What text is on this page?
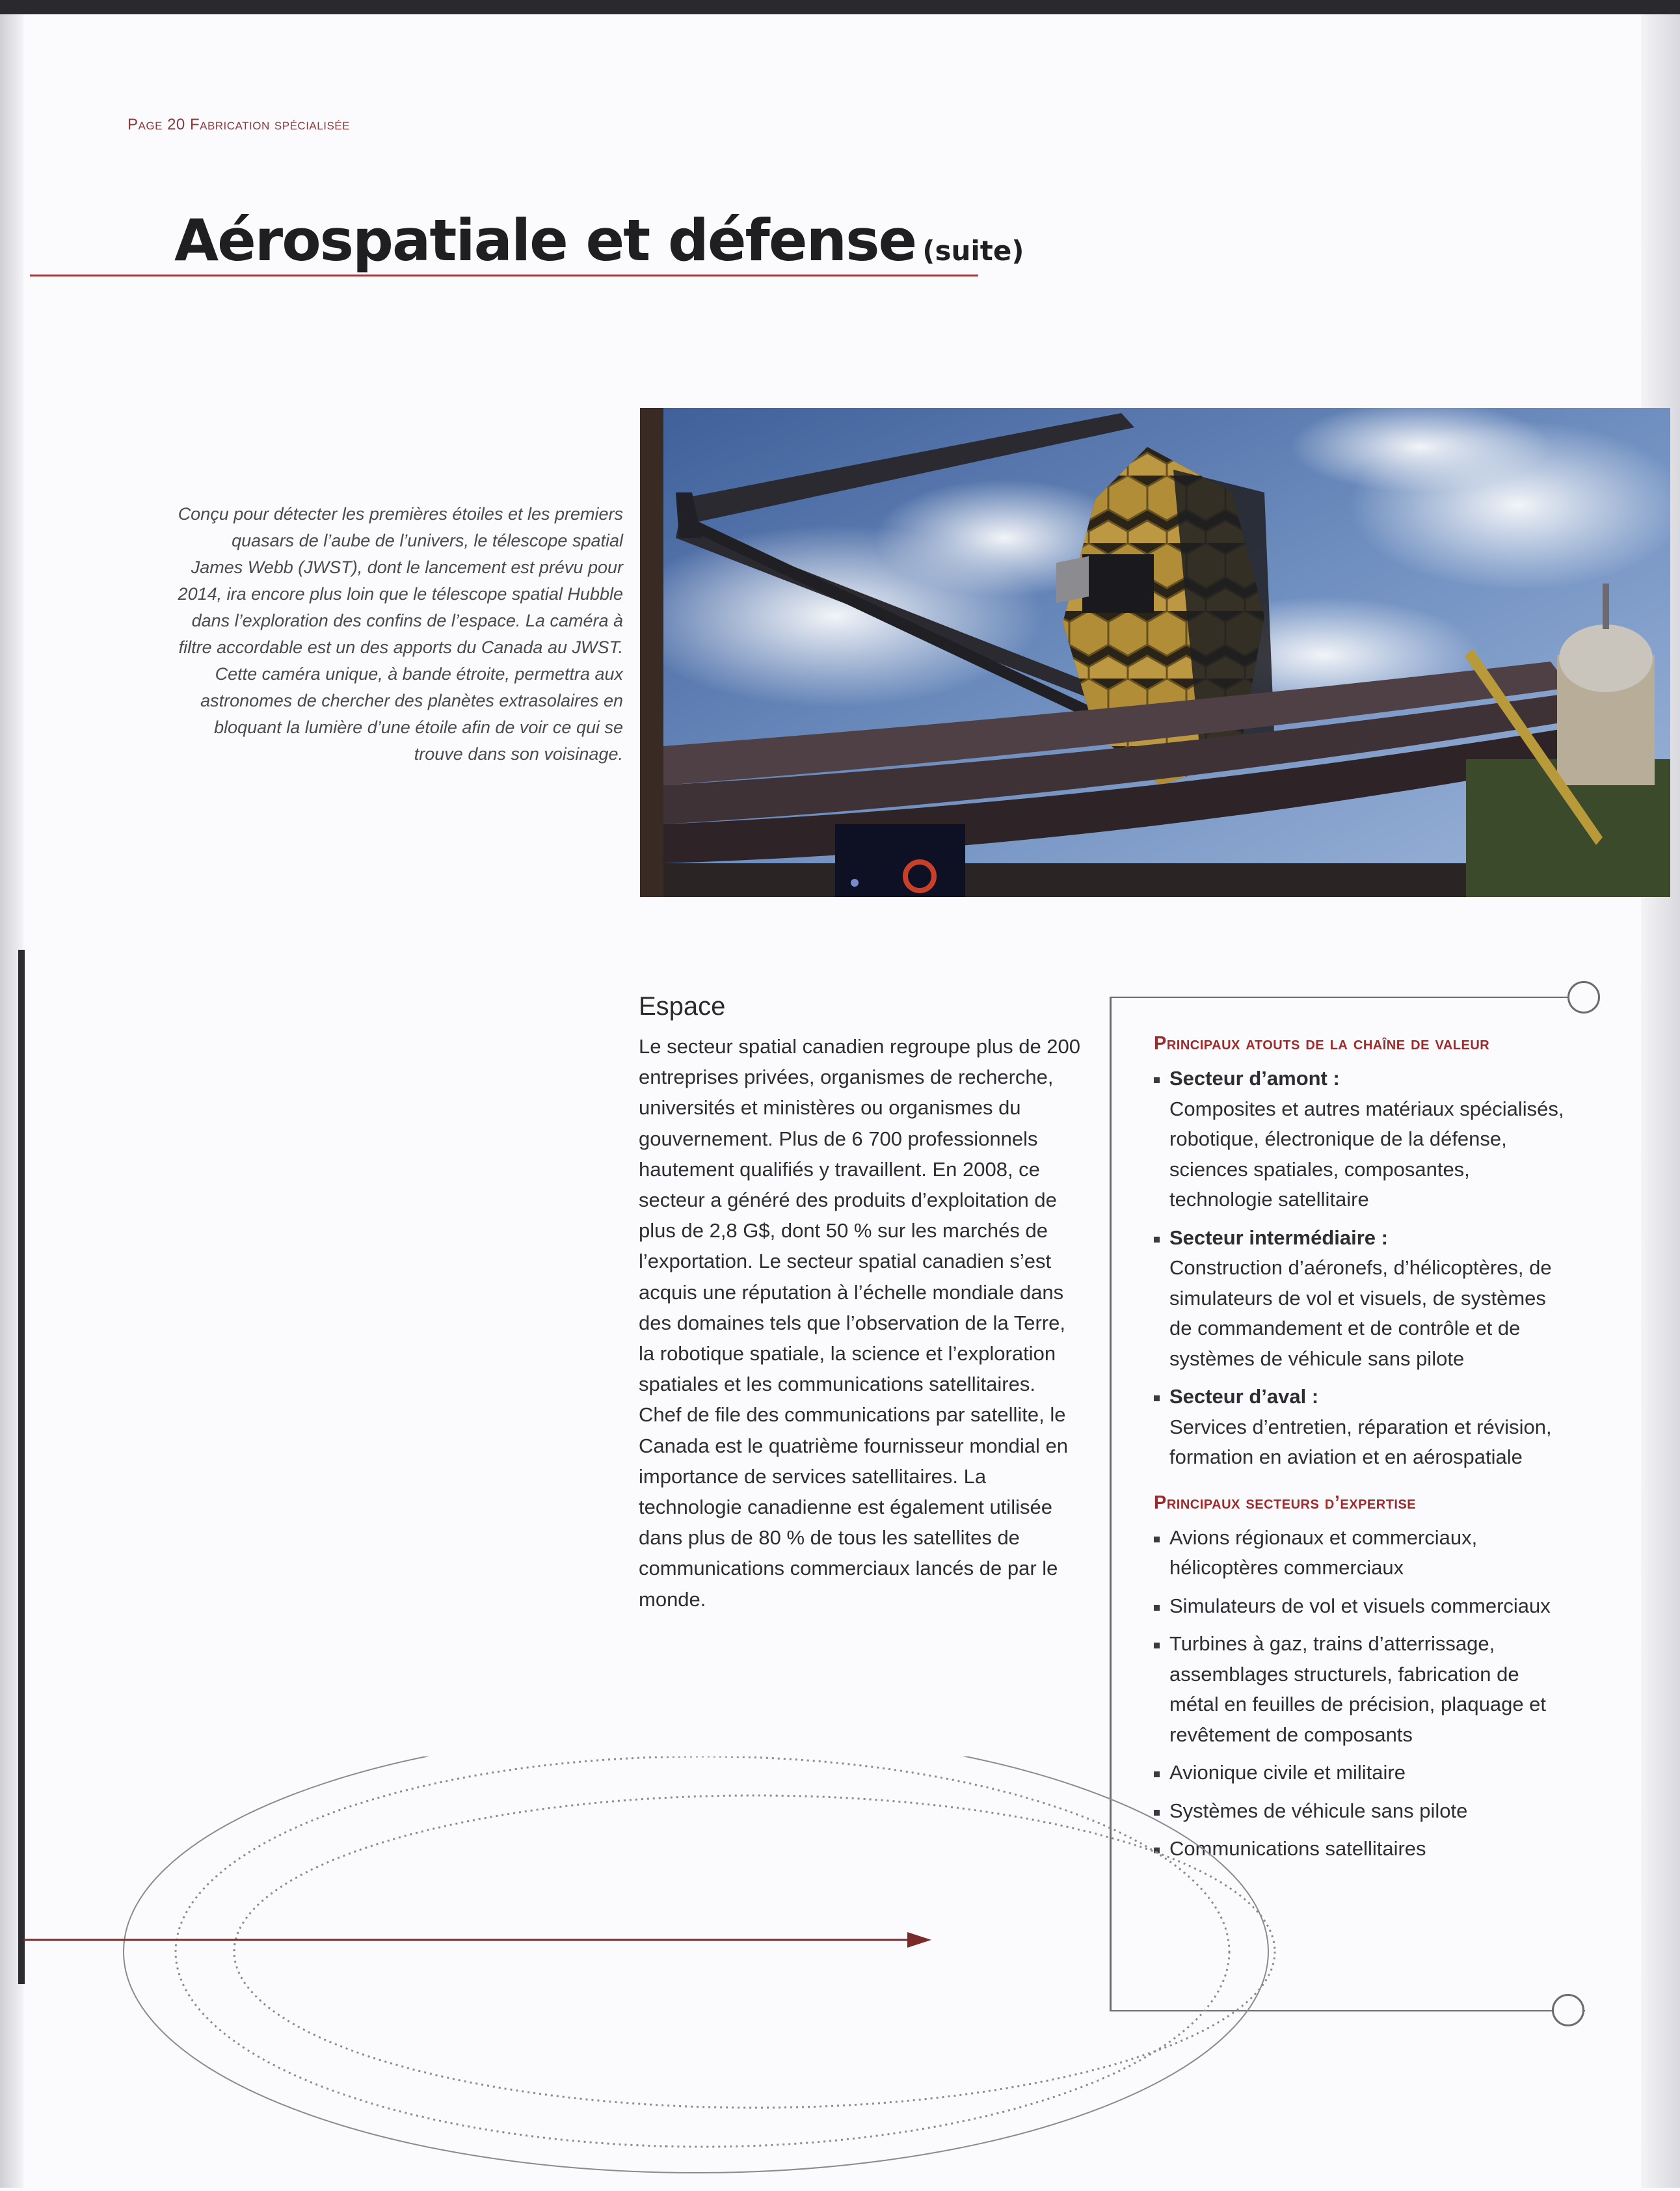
Page 20 Fabrication spécialisée
Aérospatiale et défense (suite)
Conçu pour détecter les premières étoiles et les premiers quasars de l’aube de l’univers, le télescope spatial James Webb (JWST), dont le lancement est prévu pour 2014, ira encore plus loin que le télescope spatial Hubble dans l’exploration des confins de l’espace. La caméra à filtre accordable est un des apports du Canada au JWST. Cette caméra unique, à bande étroite, permettra aux astronomes de chercher des planètes extrasolaires en bloquant la lumière d’une étoile afin de voir ce qui se trouve dans son voisinage.
Espace
Le secteur spatial canadien regroupe plus de 200 entreprises privées, organismes de recherche, universités et ministères ou organismes du gouvernement. Plus de 6 700 professionnels hautement qualifiés y travaillent. En 2008, ce secteur a généré des produits d’exploitation de plus de 2,8 G$, dont 50 % sur les marchés de l’exportation. Le secteur spatial canadien s’est acquis une réputation à l’échelle mondiale dans des domaines tels que l’observation de la Terre, la robotique spatiale, la science et l’exploration spatiales et les communications satellitaires. Chef de file des communications par satellite, le Canada est le quatrième fournisseur mondial en importance de services satellitaires. La technologie canadienne est également utilisée dans plus de 80 % de tous les satellites de communications commerciaux lancés de par le monde.
Principaux atouts de la chaîne de valeur
Secteur d’amont :
Composites et autres matériaux spécialisés, robotique, électronique de la défense, sciences spatiales, composantes, technologie satellitaire
Secteur intermédiaire :
Construction d’aéronefs, d’hélicoptères, de simulateurs de vol et visuels, de systèmes de commandement et de contrôle et de systèmes de véhicule sans pilote
Secteur d’aval :
Services d’entretien, réparation et révision, formation en aviation et en aérospatiale
Principaux secteurs d’expertise
Avions régionaux et commerciaux, hélicoptères commerciaux
Simulateurs de vol et visuels commerciaux
Turbines à gaz, trains d’atterrissage, assemblages structurels, fabrication de métal en feuilles de précision, plaquage et revêtement de composants
Avionique civile et militaire
Systèmes de véhicule sans pilote
Communications satellitaires
